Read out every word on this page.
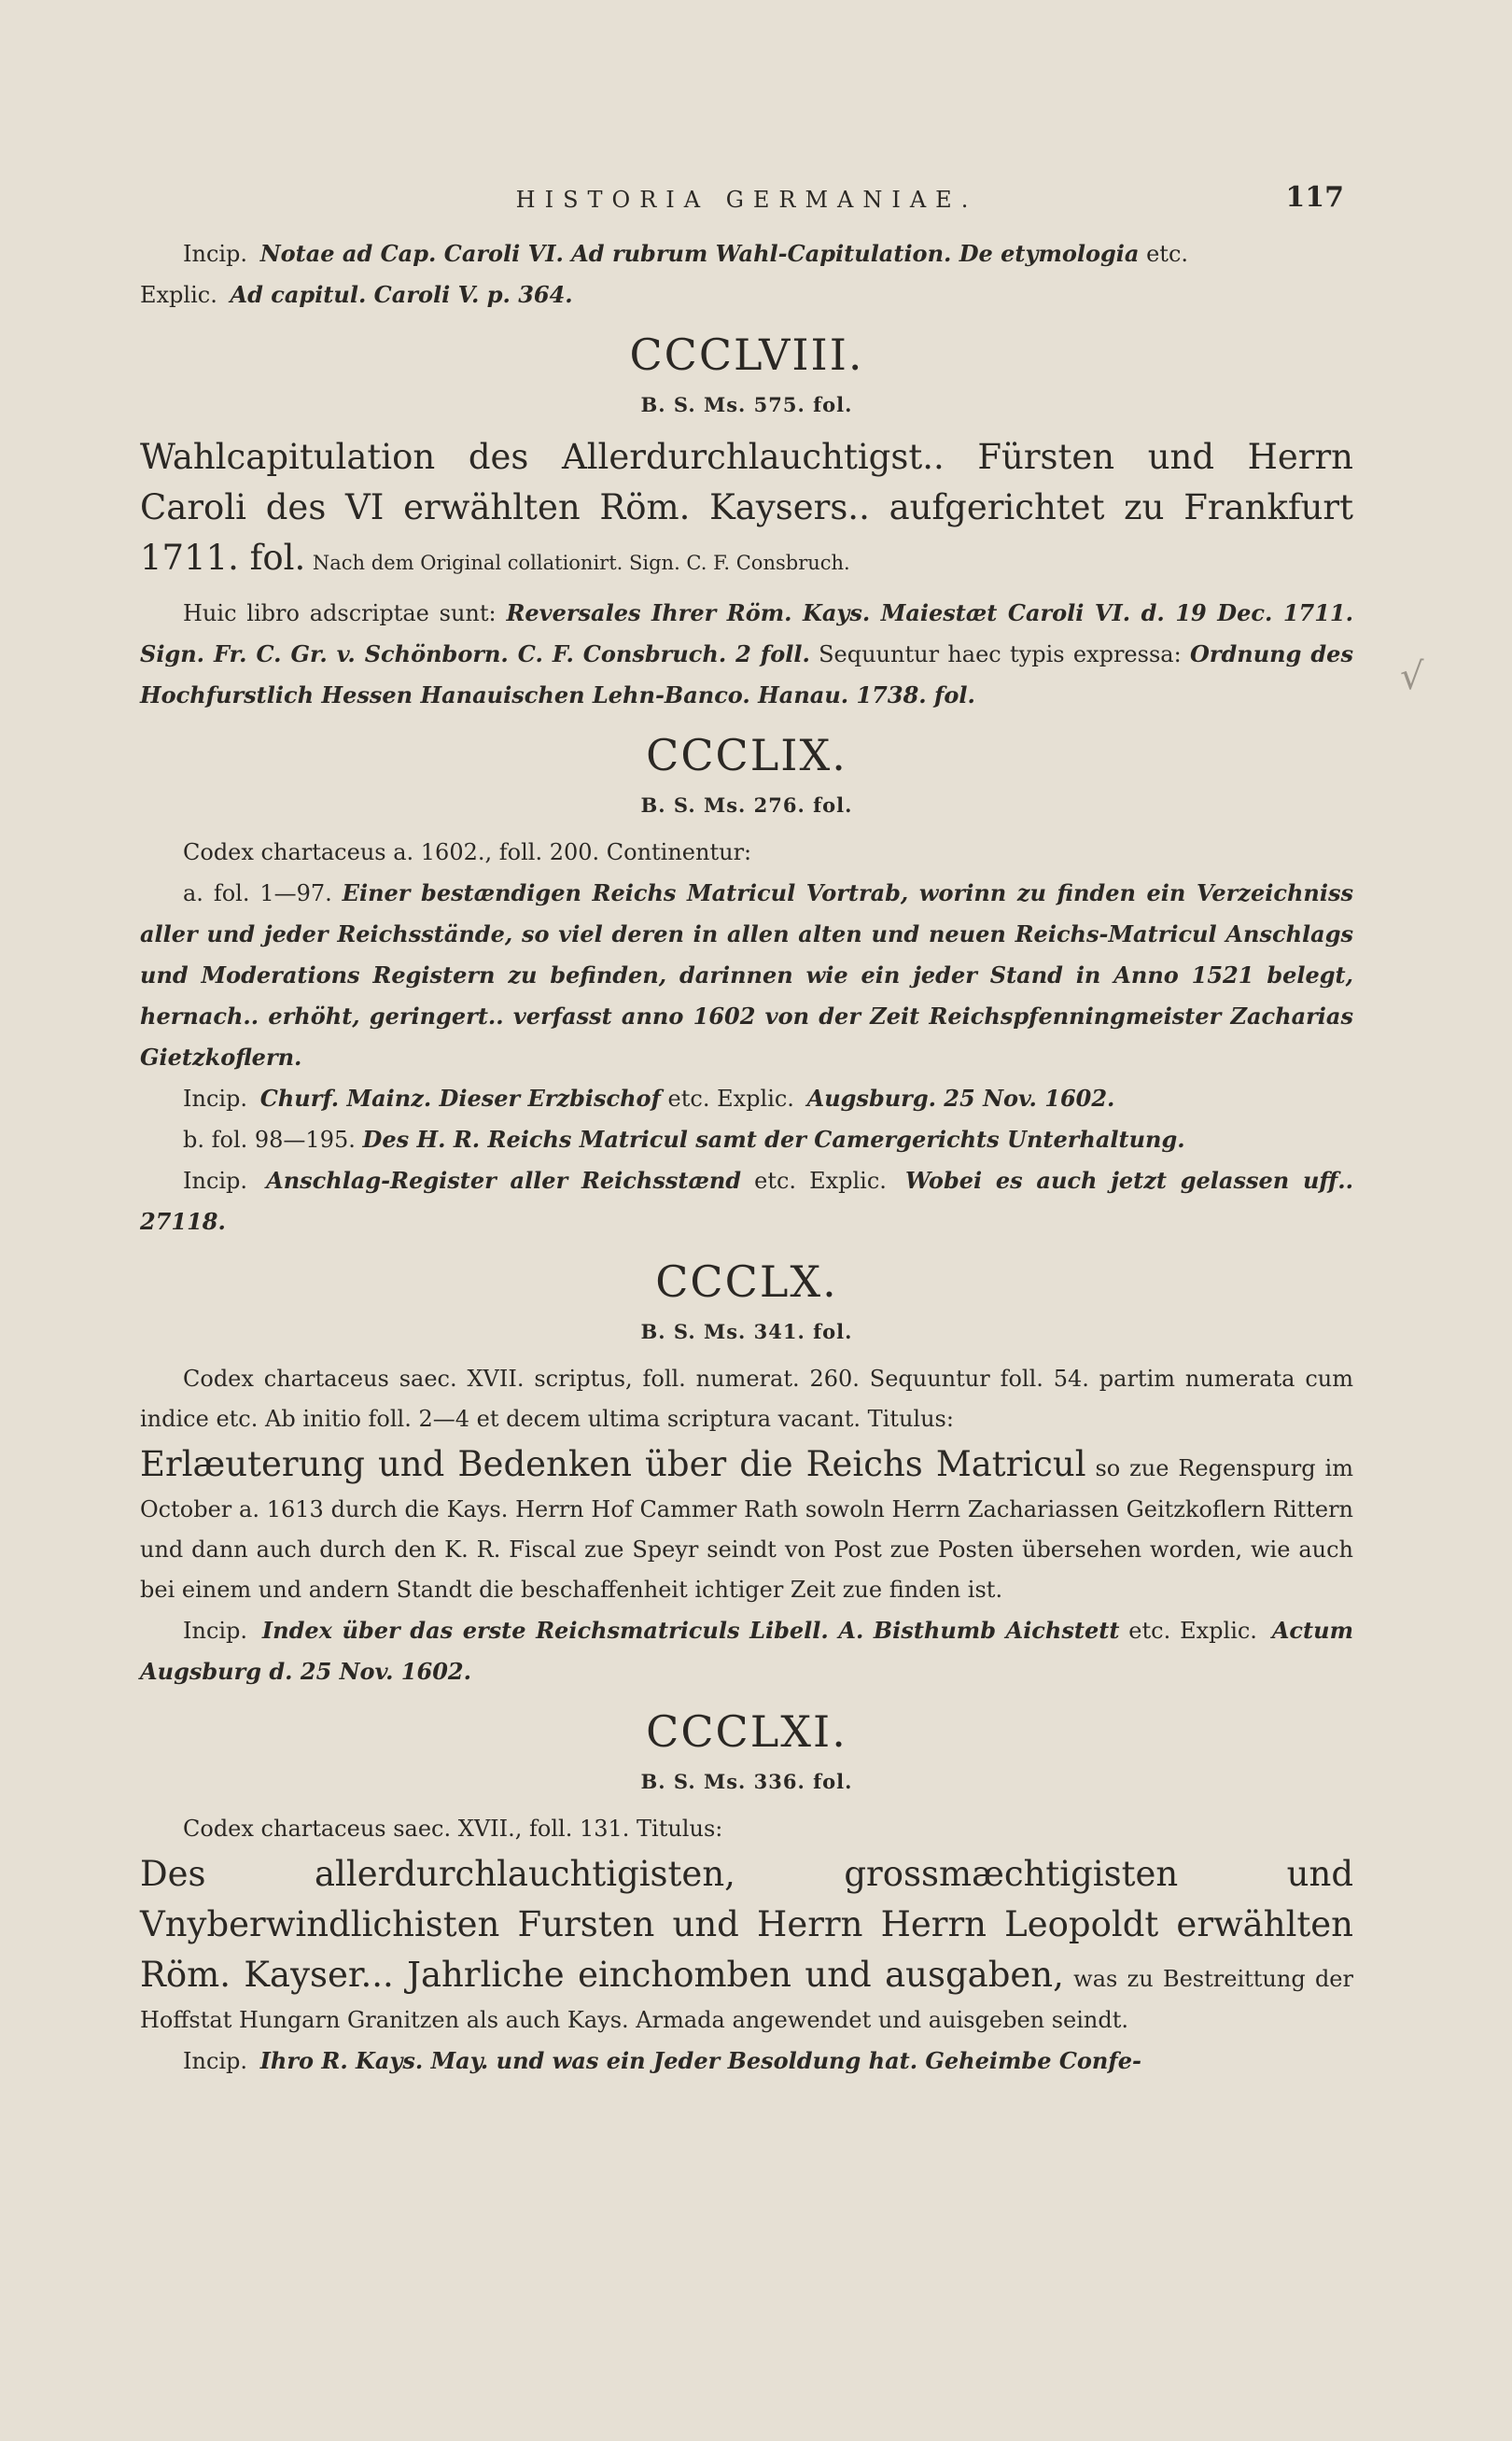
HISTORIA GERMANIAE.	117
√

Incip. Notae ad Cap. Caroli VI. Ad rubrum Wahl-Capitulation. De etymologia etc.

Explic. Ad capitul. Caroli V. p. 364.

CCCLVIII.
B. S. Ms. 575. fol.

Wahlcapitulation des Allerdurchlauchtigst.. Fürsten und Herrn Caroli des VI erwählten Röm. Kaysers.. aufgerichtet zu Frankfurt 1711. fol. Nach dem Original collationirt. Sign. C. F. Consbruch.

Huic libro adscriptae sunt: Reversales Ihrer Röm. Kays. Maiestæt Caroli VI. d. 19 Dec. 1711. Sign. Fr. C. Gr. v. Schönborn. C. F. Consbruch. 2 foll. Sequuntur haec typis expressa: Ordnung des Hochfurstlich Hessen Hanauischen Lehn-Banco. Hanau. 1738. fol.

CCCLIX.
B. S. Ms. 276. fol.

Codex chartaceus a. 1602., foll. 200. Continentur:

a. fol. 1—97. Einer bestændigen Reichs Matricul Vortrab, worinn zu finden ein Verzeichniss aller und jeder Reichsstände, so viel deren in allen alten und neuen Reichs-Matricul Anschlags und Moderations Registern zu befinden, darinnen wie ein jeder Stand in Anno 1521 belegt, hernach.. erhöht, geringert.. verfasst anno 1602 von der Zeit Reichspfenningmeister Zacharias Gietzkoflern.

Incip. Churf. Mainz. Dieser Erzbischof etc. Explic. Augsburg. 25 Nov. 1602.

b. fol. 98—195. Des H. R. Reichs Matricul samt der Camergerichts Unterhaltung.

Incip. Anschlag-Register aller Reichsstænd etc. Explic. Wobei es auch jetzt gelassen uff.. 27118.

CCCLX.
B. S. Ms. 341. fol.

Codex chartaceus saec. XVII. scriptus, foll. numerat. 260. Sequuntur foll. 54. partim numerata cum indice etc. Ab initio foll. 2—4 et decem ultima scriptura vacant. Titulus:

Erlæuterung und Bedenken über die Reichs Matricul so zue Regenspurg im October a. 1613 durch die Kays. Herrn Hof Cammer Rath sowoln Herrn Zachariassen Geitzkoflern Rittern und dann auch durch den K. R. Fiscal zue Speyr seindt von Post zue Posten übersehen worden, wie auch bei einem und andern Standt die beschaffenheit ichtiger Zeit zue finden ist.

Incip. Index über das erste Reichsmatriculs Libell. A. Bisthumb Aichstett etc. Explic. Actum Augsburg d. 25 Nov. 1602.

CCCLXI.
B. S. Ms. 336. fol.

Codex chartaceus saec. XVII., foll. 131. Titulus:

Des allerdurchlauchtigisten, grossmæchtigisten und Vnyberwindlichisten Fursten und Herrn Herrn Leopoldt erwählten Röm. Kayser... Jahrliche einchomben und ausgaben, was zu Bestreittung der Hoffstat Hungarn Granitzen als auch Kays. Armada angewendet und auisgeben seindt.

Incip. Ihro R. Kays. May. und was ein Jeder Besoldung hat. Geheimbe Confe-
